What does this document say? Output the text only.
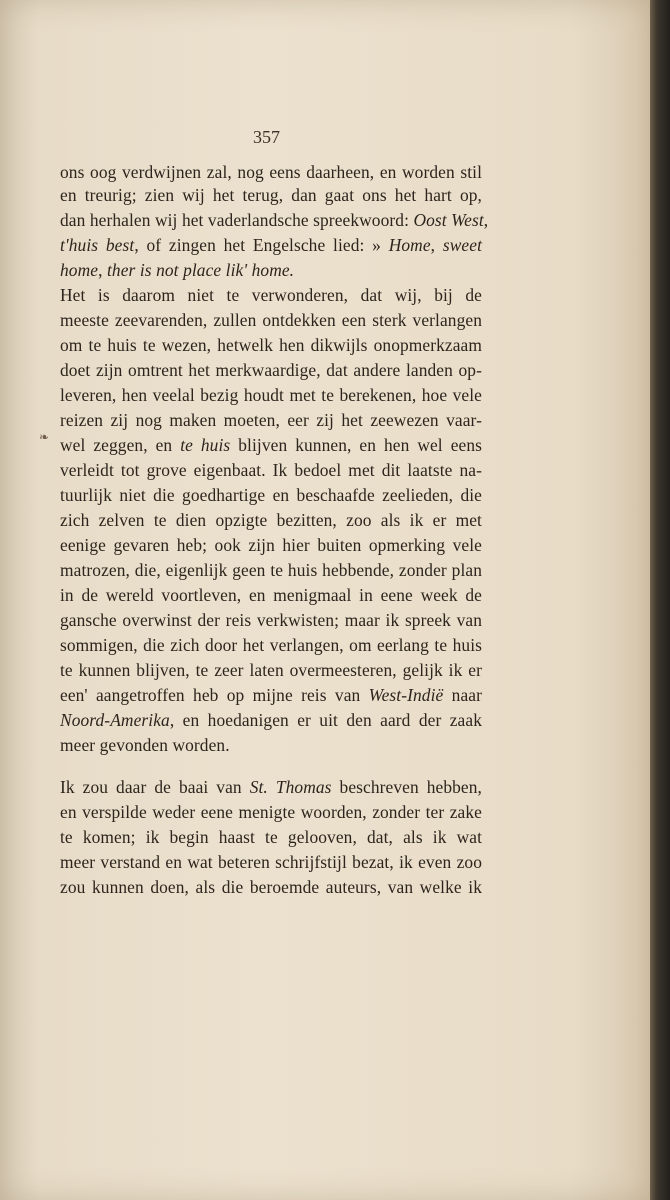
357
ons oog verdwijnen zal, nog eens daarheen, en worden stil
en treurig; zien wij het terug, dan gaat ons het hart op,
dan herhalen wij het vaderlandsche spreekwoord: Oost West,
t'huis best, of zingen het Engelsche lied: » Home, sweet
home, ther is not place lik' home.
Het is daarom niet te verwonderen, dat wij, bij de
meeste zeevarenden, zullen ontdekken een sterk verlangen
om te huis te wezen, hetwelk hen dikwijls onopmerkzaam
doet zijn omtrent het merkwaardige, dat andere landen op-
leveren, hen veelal bezig houdt met te berekenen, hoe vele
reizen zij nog maken moeten, eer zij het zeewezen vaar-
wel zeggen, en te huis blijven kunnen, en hen wel eens
verleidt tot grove eigenbaat. Ik bedoel met dit laatste na-
tuurlijk niet die goedhartige en beschaafde zeelieden, die
zich zelven te dien opzigte bezitten, zoo als ik er met
eenige gevaren heb; ook zijn hier buiten opmerking vele
matrozen, die, eigenlijk geen te huis hebbende, zonder plan
in de wereld voortleven, en menigmaal in eene week de
gansche overwinst der reis verkwisten; maar ik spreek van
sommigen, die zich door het verlangen, om eerlang te huis
te kunnen blijven, te zeer laten overmeesteren, gelijk ik er
een' aangetroffen heb op mijne reis van West-Indië naar
Noord-Amerika, en hoedanigen er uit den aard der zaak
meer gevonden worden.
Ik zou daar de baai van St. Thomas beschreven hebben,
en verspilde weder eene menigte woorden, zonder ter zake
te komen; ik begin haast te gelooven, dat, als ik wat
meer verstand en wat beteren schrijfstijl bezat, ik even zoo
zou kunnen doen, als die beroemde auteurs, van welke ik
❧
